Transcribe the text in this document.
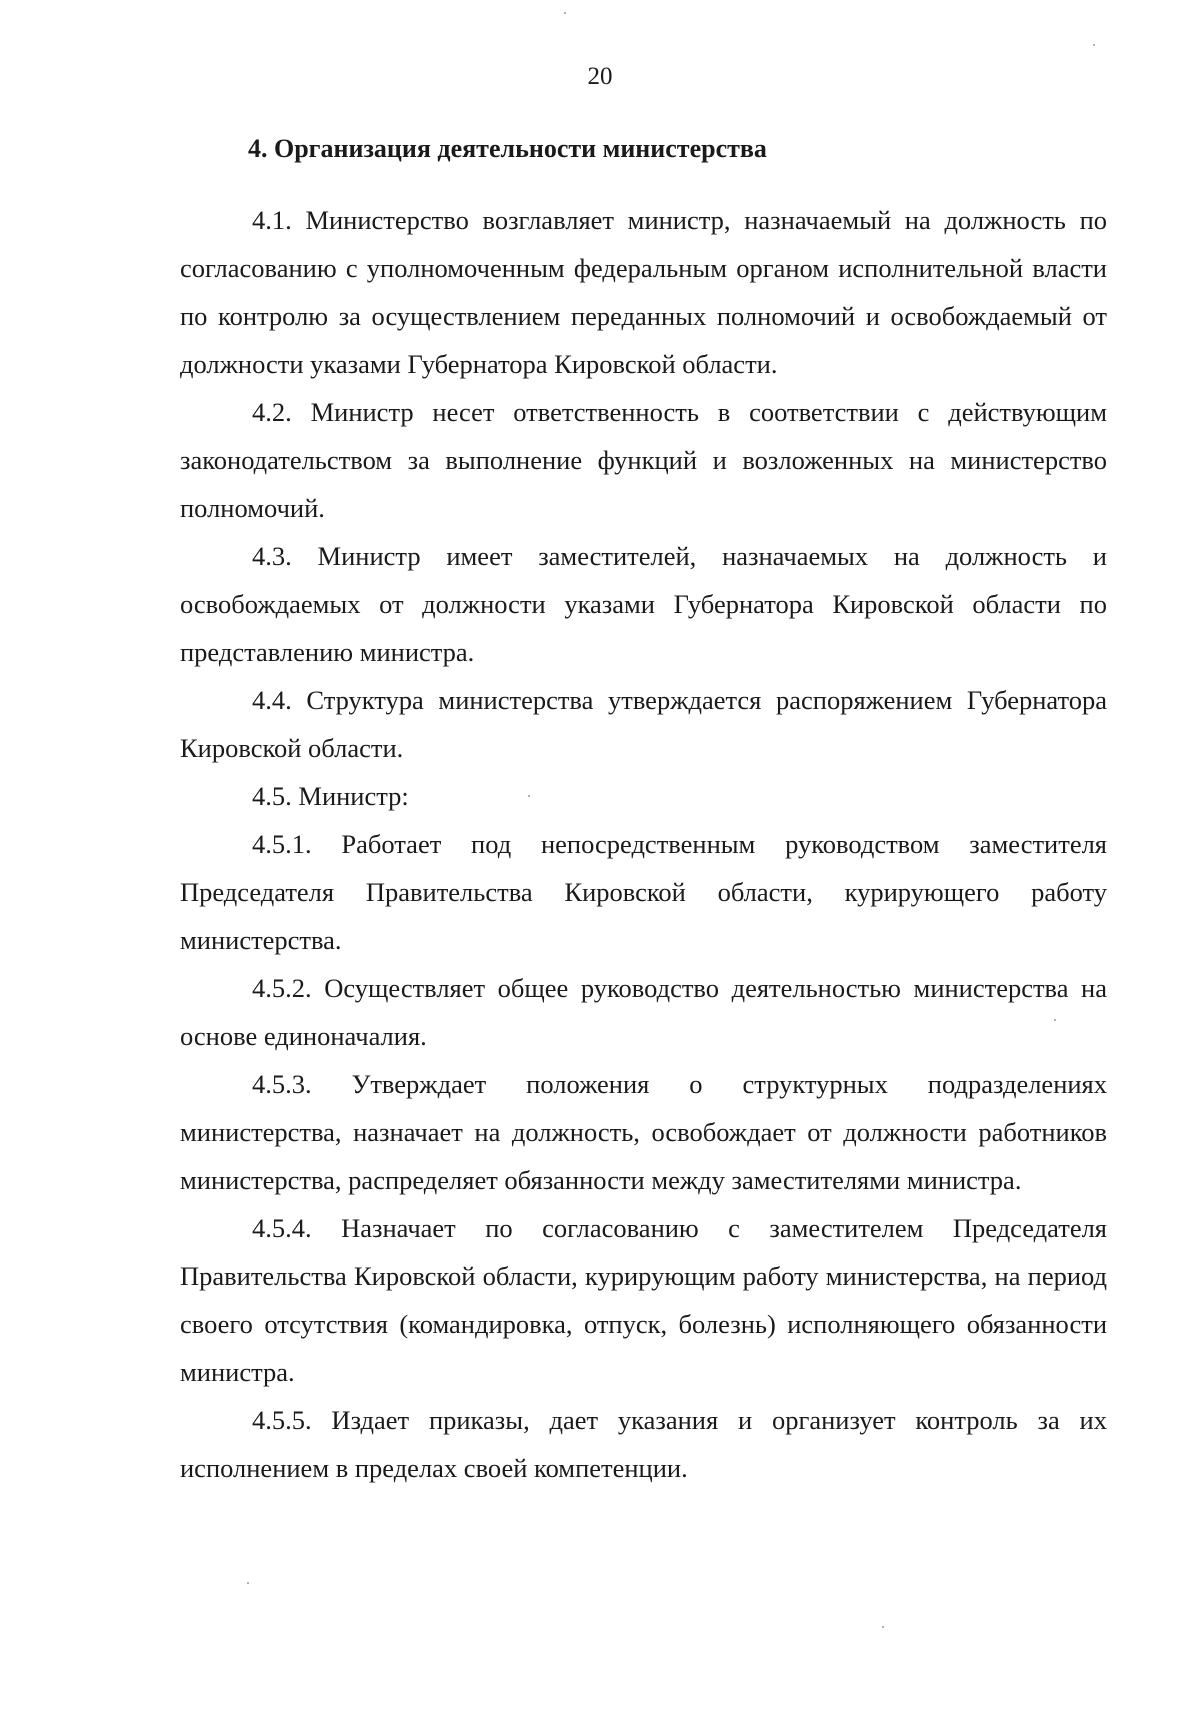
20
4. Организация деятельности министерства

4.1. Министерство возглавляет министр, назначаемый на должность по согласованию с уполномоченным федеральным органом исполнительной власти по контролю за осуществлением переданных полномочий и освобождаемый от должности указами Губернатора Кировской области.

4.2. Министр несет ответственность в соответствии с действующим законодательством за выполнение функций и возложенных на министерство полномочий.

4.3. Министр имеет заместителей, назначаемых на должность и освобождаемых от должности указами Губернатора Кировской области по представлению министра.

4.4. Структура министерства утверждается распоряжением Губернатора Кировской области.

4.5. Министр:

4.5.1. Работает под непосредственным руководством заместителя Председателя Правительства Кировской области, курирующего работу министерства.

4.5.2. Осуществляет общее руководство деятельностью министерства на основе единоначалия.

4.5.3. Утверждает положения о структурных подразделениях министерства, назначает на должность, освобождает от должности работников министерства, распределяет обязанности между заместителями министра.

4.5.4. Назначает по согласованию с заместителем Председателя Правительства Кировской области, курирующим работу министерства, на период своего отсутствия (командировка, отпуск, болезнь) исполняющего обязанности министра.

4.5.5. Издает приказы, дает указания и организует контроль за их исполнением в пределах своей компетенции.
